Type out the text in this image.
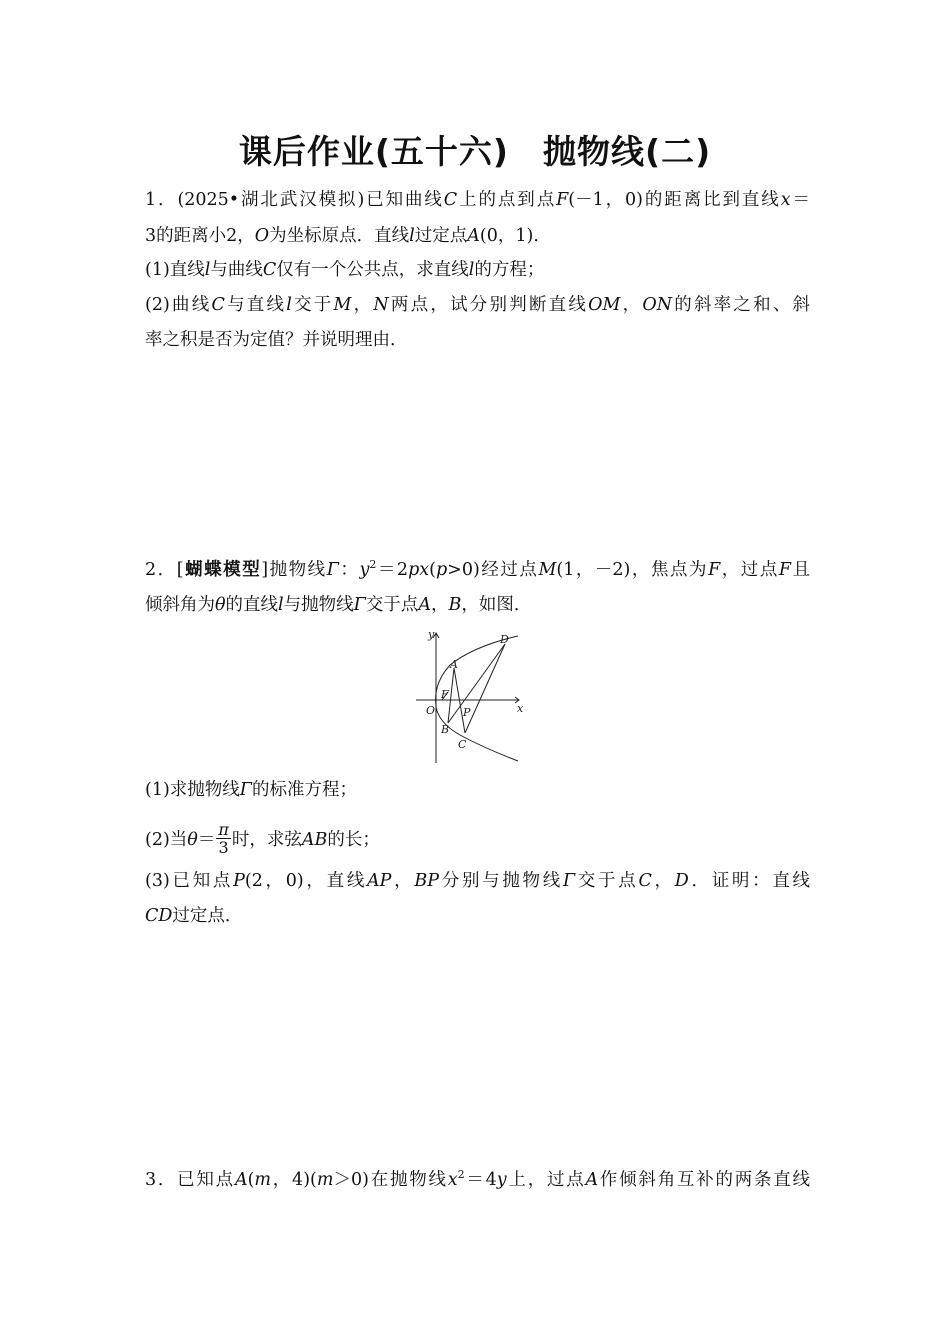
课后作业(五十六)　抛物线(二)
1．(2025•湖北武汉模拟)已知曲线C上的点到点F(－1，0)的距离比到直线x＝
3的距离小2，O为坐标原点．直线l过定点A(0，1)．
(1)直线l与曲线C仅有一个公共点，求直线l的方程；
(2)曲线C与直线l交于M，N两点，试分别判断直线OM，ON的斜率之和、斜
率之积是否为定值？并说明理由．
2．[蝴蝶模型]抛物线Γ：$y^2=2px(p>0)$经过点M(1，－2)，焦点为F，过点F且
倾斜角为θ的直线l与抛物线Γ交于点A，B，如图．
y
x
O
A
B
C
D
F
P
(1)求抛物线Γ的标准方程；
(2)当$\theta= \frac{\pi}{3}$ 时，求弦AB的长；
(3)已知点P(2，0)，直线AP，BP分别与抛物线Γ交于点C，D．证明：直线
CD过定点．
3．已知点A(m，4)(m＞0)在抛物线$x^2=4y$上，过点A作倾斜角互补的两条直线
